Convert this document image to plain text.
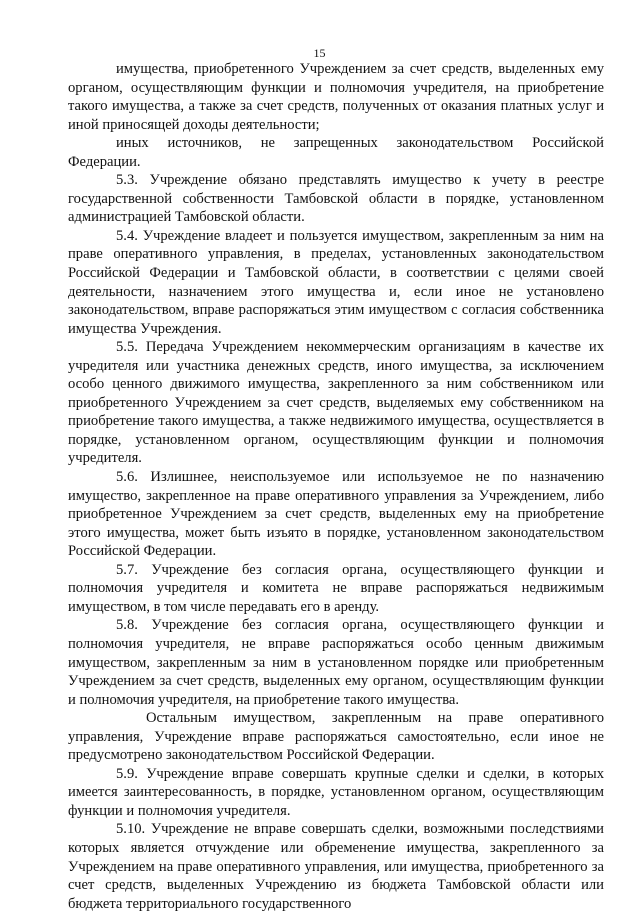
15

имущества, приобретенного Учреждением за счет средств, выделенных ему органом, осуществляющим функции и полномочия учредителя, на приобретение такого имущества, а также за счет средств, полученных от оказания платных услуг и иной приносящей доходы деятельности;

иных источников, не запрещенных законодательством Российской Федерации.

5.3. Учреждение обязано представлять имущество к учету в реестре государственной собственности Тамбовской области в порядке, установленном администрацией Тамбовской области.

5.4. Учреждение владеет и пользуется имуществом, закрепленным за ним на праве оперативного управления, в пределах, установленных законодательством Российской Федерации и Тамбовской области, в соответствии с целями своей деятельности, назначением этого имущества и, если иное не установлено законодательством, вправе распоряжаться этим имуществом с согласия собственника имущества Учреждения.

5.5. Передача Учреждением некоммерческим организациям в качестве их учредителя или участника денежных средств, иного имущества, за исключением особо ценного движимого имущества, закрепленного за ним собственником или приобретенного Учреждением за счет средств, выделяемых ему собственником на приобретение такого имущества, а также недвижимого имущества, осуществляется в порядке, установленном органом, осуществляющим функции и полномочия учредителя.

5.6. Излишнее, неиспользуемое или используемое не по назначению имущество, закрепленное на праве оперативного управления за Учреждением, либо приобретенное Учреждением за счет средств, выделенных ему на приобретение этого имущества, может быть изъято в порядке, установленном законодательством Российской Федерации.

5.7. Учреждение без согласия органа, осуществляющего функции и полномочия учредителя и комитета не вправе распоряжаться недвижимым имуществом, в том числе передавать его в аренду.

5.8. Учреждение без согласия органа, осуществляющего функции и полномочия учредителя, не вправе распоряжаться особо ценным движимым имуществом, закрепленным за ним в установленном порядке или приобретенным Учреждением за счет средств, выделенных ему органом, осуществляющим функции и полномочия учредителя, на приобретение такого имущества.

Остальным имуществом, закрепленным на праве оперативного управления, Учреждение вправе распоряжаться самостоятельно, если иное не предусмотрено законодательством Российской Федерации.

5.9. Учреждение вправе совершать крупные сделки и сделки, в которых имеется заинтересованность, в порядке, установленном органом, осуществляющим функции и полномочия учредителя.

5.10. Учреждение не вправе совершать сделки, возможными последствиями которых является отчуждение или обременение имущества, закрепленного за Учреждением на праве оперативного управления, или имущества, приобретенного за счет средств, выделенных Учреждению из бюджета Тамбовской области или бюджета территориального государственного
